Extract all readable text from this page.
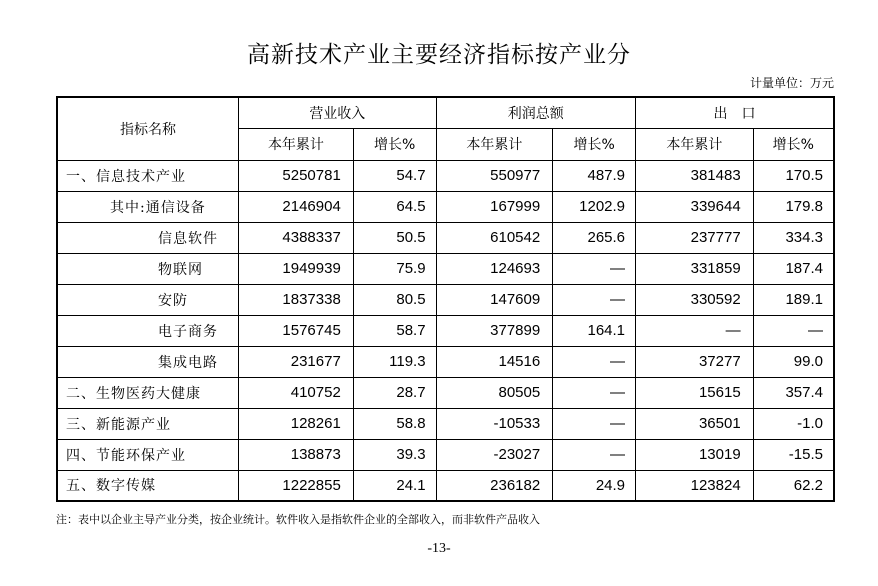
高新技术产业主要经济指标按产业分
计量单位：万元
指标名称	营业收入		利润总额		出　口	
	本年累计	增长%	本年累计	增长%	本年累计	增长%
一、信息技术产业	5250781	54.7	550977	487.9	381483	170.5
其中:通信设备	2146904	64.5	167999	1202.9	339644	179.8
信息软件	4388337	50.5	610542	265.6	237777	334.3
物联网	1949939	75.9	124693	—	331859	187.4
安防	1837338	80.5	147609	—	330592	189.1
电子商务	1576745	58.7	377899	164.1	—	—
集成电路	231677	119.3	14516	—	37277	99.0
二、生物医药大健康	410752	28.7	80505	—	15615	357.4
三、新能源产业	128261	58.8	-10533	—	36501	-1.0
四、节能环保产业	138873	39.3	-23027	—	13019	-15.5
五、数字传媒	1222855	24.1	236182	24.9	123824	62.2
注：表中以企业主导产业分类，按企业统计。软件收入是指软件企业的全部收入，而非软件产品收入
-13-
